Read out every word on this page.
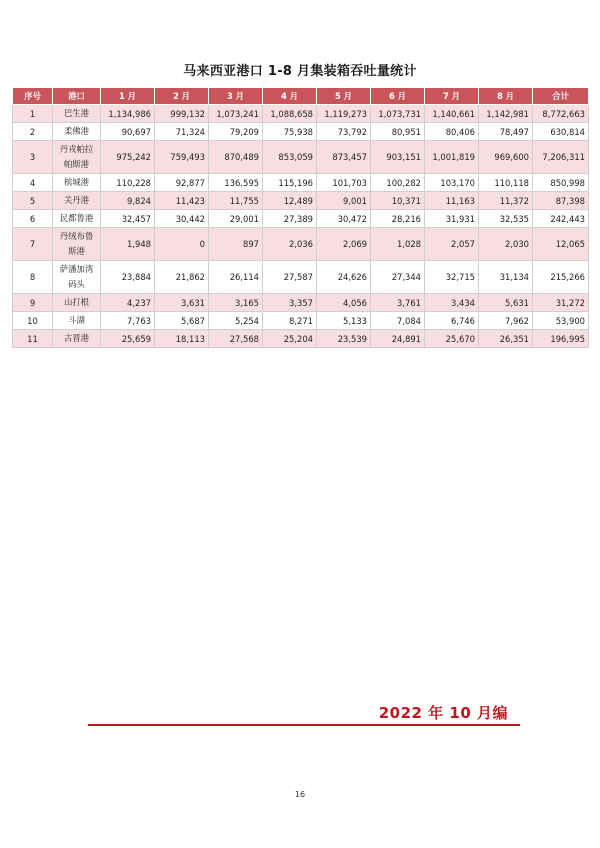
马来西亚港口 1-8 月集装箱吞吐量统计
序号	港口	1 月	2 月	3 月	4 月	5 月	6 月	7 月	8 月	合计
1	巴生港	1,134,986	999,132	1,073,241	1,088,658	1,119,273	1,073,731	1,140,661	1,142,981	8,772,663
2	柔佛港	90,697	71,324	79,209	75,938	73,792	80,951	80,406	78,497	630,814
3	丹戎帕拉帕斯港	975,242	759,493	870,489	853,059	873,457	903,151	1,001,819	969,600	7,206,311
4	槟城港	110,228	92,877	136,595	115,196	101,703	100,282	103,170	110,118	850,998
5	关丹港	9,824	11,423	11,755	12,489	9,001	10,371	11,163	11,372	87,398
6	民都鲁港	32,457	30,442	29,001	27,389	30,472	28,216	31,931	32,535	242,443
7	丹绒布鲁斯港	1,948	0	897	2,036	2,069	1,028	2,057	2,030	12,065
8	萨潘加湾码头	23,884	21,862	26,114	27,587	24,626	27,344	32,715	31,134	215,266
9	山打根	4,237	3,631	3,165	3,357	4,056	3,761	3,434	5,631	31,272
10	斗湖	7,763	5,687	5,254	8,271	5,133	7,084	6,746	7,962	53,900
11	古晋港	25,659	18,113	27,568	25,204	23,539	24,891	25,670	26,351	196,995
2022 年 10 月编
16
